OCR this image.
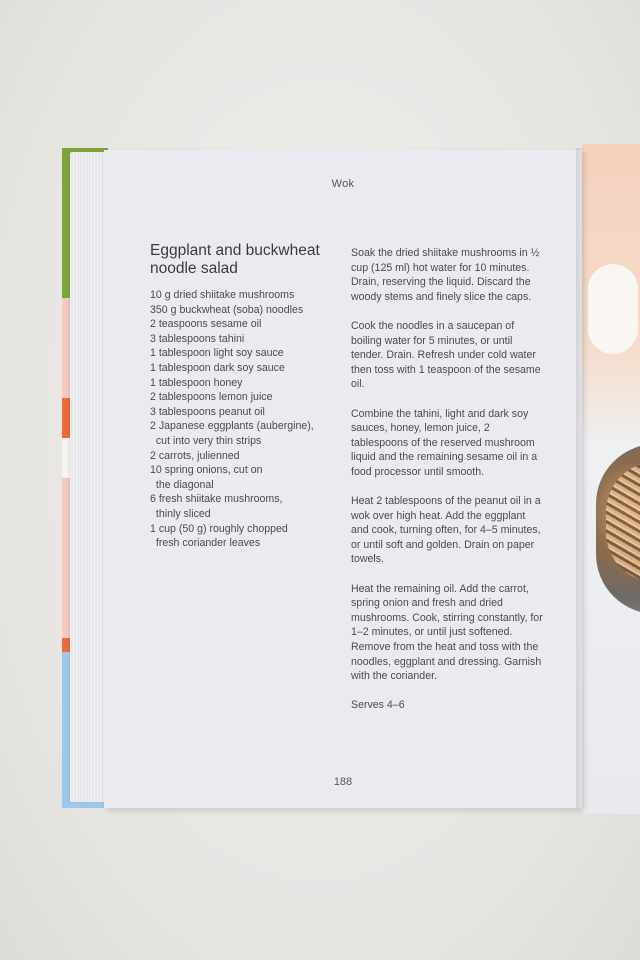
Wok
Eggplant and buckwheat noodle salad
10 g dried shiitake mushrooms
350 g buckwheat (soba) noodles
2 teaspoons sesame oil
3 tablespoons tahini
1 tablespoon light soy sauce
1 tablespoon dark soy sauce
1 tablespoon honey
2 tablespoons lemon juice
3 tablespoons peanut oil
2 Japanese eggplants (aubergine),
cut into very thin strips
2 carrots, julienned
10 spring onions, cut on
the diagonal
6 fresh shiitake mushrooms,
thinly sliced
1 cup (50 g) roughly chopped
fresh coriander leaves

Soak the dried shiitake mushrooms in ½ cup (125 ml) hot water for 10 minutes. Drain, reserving the liquid. Discard the woody stems and finely slice the caps.

Cook the noodles in a saucepan of boiling water for 5 minutes, or until tender. Drain. Refresh under cold water then toss with 1 teaspoon of the sesame oil.

Combine the tahini, light and dark soy sauces, honey, lemon juice, 2 tablespoons of the reserved mushroom liquid and the remaining sesame oil in a food processor until smooth.

Heat 2 tablespoons of the peanut oil in a wok over high heat. Add the eggplant and cook, turning often, for 4–5 minutes, or until soft and golden. Drain on paper towels.

Heat the remaining oil. Add the carrot, spring onion and fresh and dried mushrooms. Cook, stirring constantly, for 1–2 minutes, or until just softened. Remove from the heat and toss with the noodles, eggplant and dressing. Garnish with the coriander.

Serves 4–6

188
